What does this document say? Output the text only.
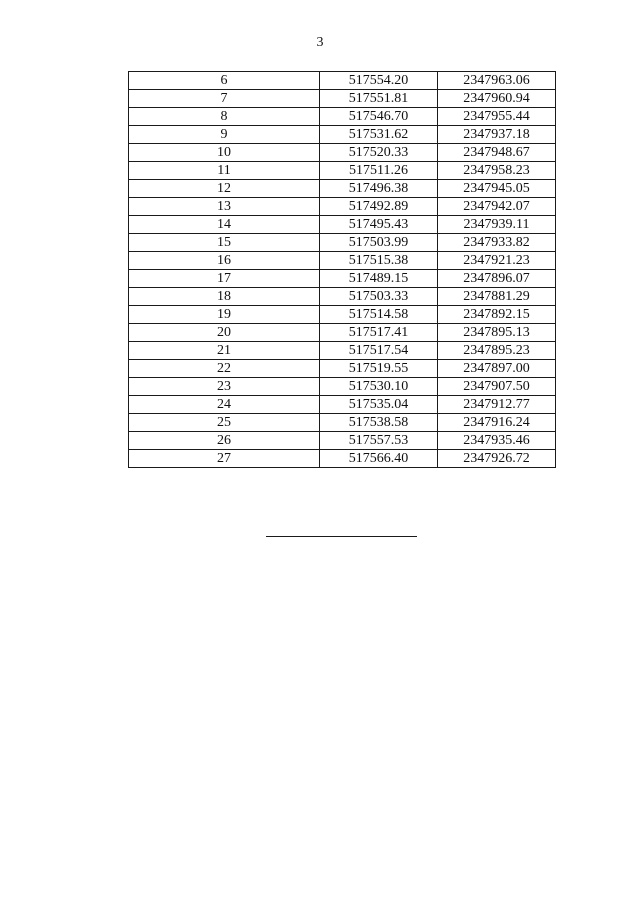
3
6	517554.20	2347963.06
7	517551.81	2347960.94
8	517546.70	2347955.44
9	517531.62	2347937.18
10	517520.33	2347948.67
11	517511.26	2347958.23
12	517496.38	2347945.05
13	517492.89	2347942.07
14	517495.43	2347939.11
15	517503.99	2347933.82
16	517515.38	2347921.23
17	517489.15	2347896.07
18	517503.33	2347881.29
19	517514.58	2347892.15
20	517517.41	2347895.13
21	517517.54	2347895.23
22	517519.55	2347897.00
23	517530.10	2347907.50
24	517535.04	2347912.77
25	517538.58	2347916.24
26	517557.53	2347935.46
27	517566.40	2347926.72
